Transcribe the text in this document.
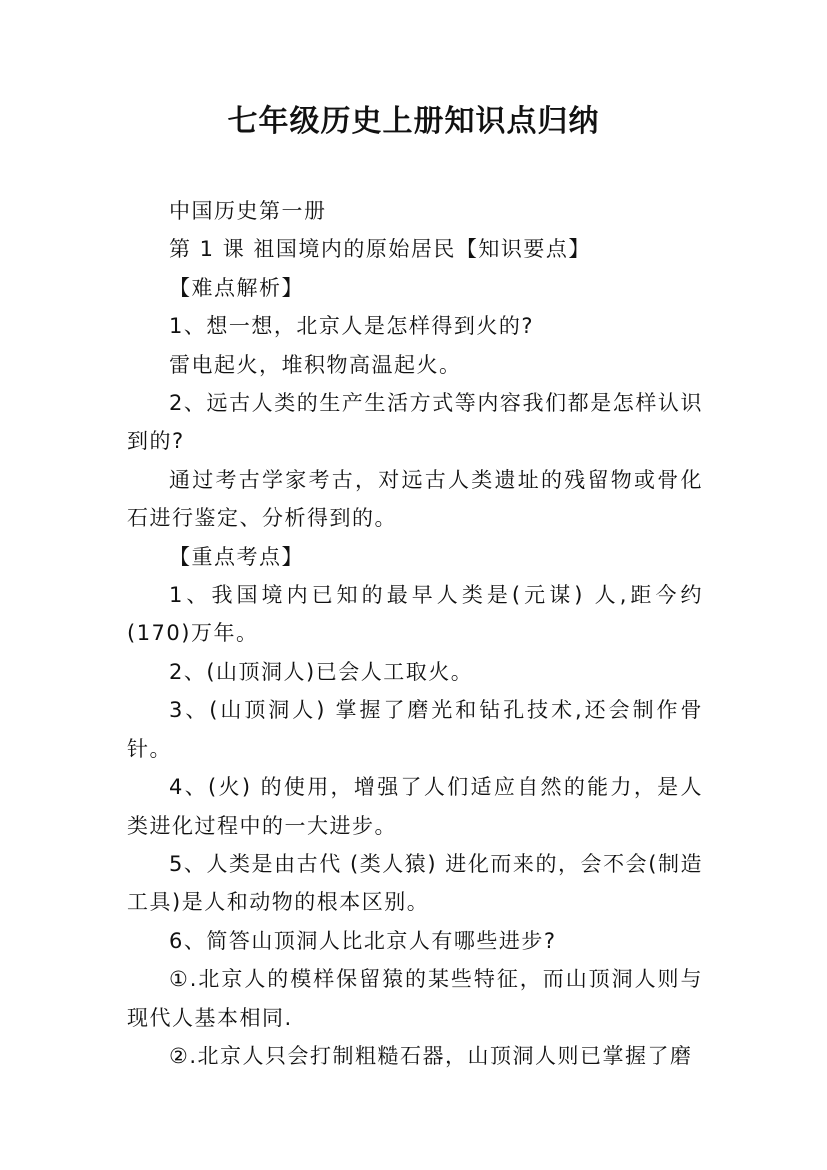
七年级历史上册知识点归纳

中国历史第一册

第 1 课 祖国境内的原始居民【知识要点】

【难点解析】

1、想一想，北京人是怎样得到火的?

雷电起火，堆积物高温起火。

2、远古人类的生产生活方式等内容我们都是怎样认识到的?

通过考古学家考古，对远古人类遗址的残留物或骨化石进行鉴定、分析得到的。

【重点考点】

1、我国境内已知的最早人类是(元谋) 人,距今约 (170)万年。

2、(山顶洞人)已会人工取火。

3、(山顶洞人) 掌握了磨光和钻孔技术,还会制作骨针。

4、(火) 的使用，增强了人们适应自然的能力，是人类进化过程中的一大进步。

5、人类是由古代 (类人猿) 进化而来的，会不会(制造工具)是人和动物的根本区别。

6、简答山顶洞人比北京人有哪些进步?

①.北京人的模样保留猿的某些特征，而山顶洞人则与现代人基本相同.

②.北京人只会打制粗糙石器，山顶洞人则已掌握了磨
